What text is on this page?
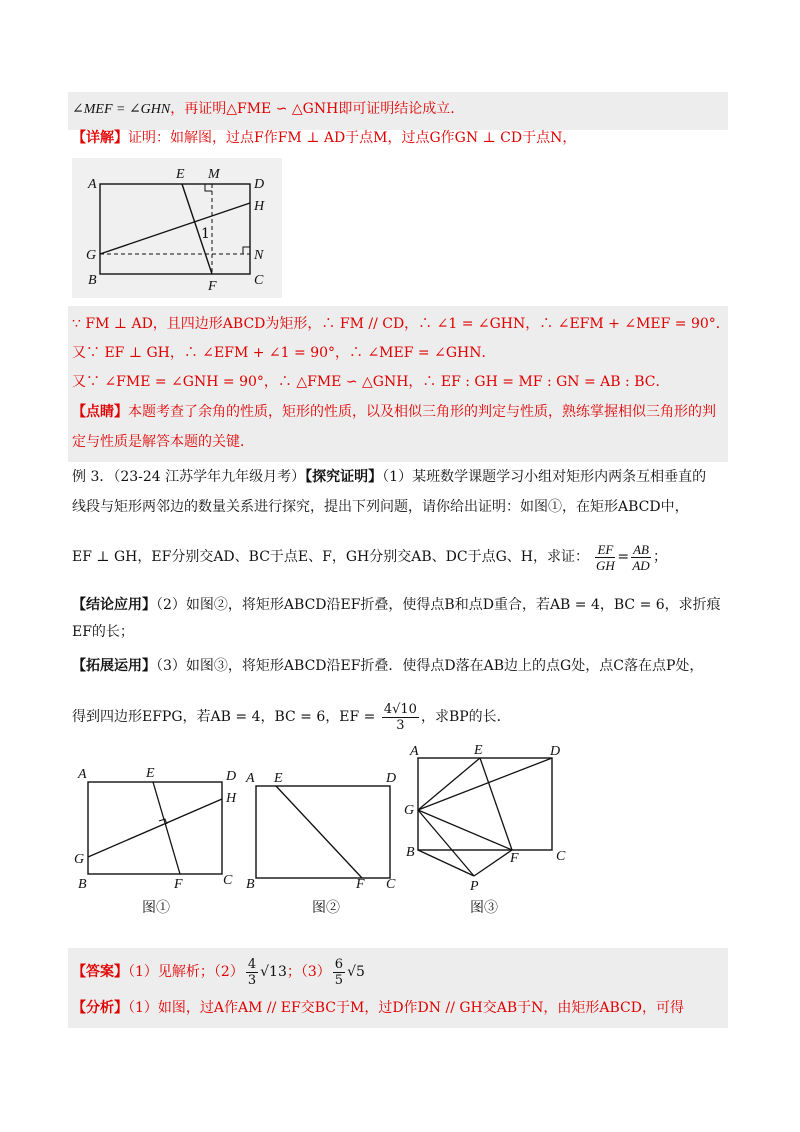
∠MEF = ∠GHN，再证明△FME ∽ △GNH即可证明结论成立.
【详解】证明：如解图，过点F作FM ⊥ AD于点M，过点G作GN ⊥ CD于点N，
A
E M
D
H
1
G	N
B	F	C
∵ FM ⊥ AD，且四边形ABCD为矩形，∴ FM // CD，∴ ∠1 = ∠GHN，∴ ∠EFM + ∠MEF = 90°．
又∵ EF ⊥ GH，∴ ∠EFM + ∠1 = 90°，∴ ∠MEF = ∠GHN．
又∵ ∠FME = ∠GNH = 90°，∴ △FME ∽ △GNH，∴ EF : GH = MF : GN = AB : BC．
【点睛】本题考查了余角的性质，矩形的性质，以及相似三角形的判定与性质，熟练掌握相似三角形的判
定与性质是解答本题的关键．
例 3．（23-24 江苏学年九年级月考）【探究证明】（1）某班数学课题学习小组对矩形内两条互相垂直的
线段与矩形两邻边的数量关系进行探究，提出下列问题，请你给出证明：如图①，在矩形ABCD中，
EF ⊥ GH，EF分别交AD、BC于点E、F，GH分别交AB、DC于点G、H，求证： $\frac{EF}{GH} = \frac{AB}{AD}$ ；
【结论应用】（2）如图②，将矩形ABCD沿EF折叠，使得点B和点D重合，若AB = 4，BC = 6，求折痕
EF的长；
【拓展运用】（3）如图③，将矩形ABCD沿EF折叠．使得点D落在AB边上的点G处，点C落在点P处，
得到四边形EFPG，若AB = 4，BC = 6，EF = $\frac{4√10}{3}$ ，求BP的长．
A	E	D
H
G
B	F	C
图①
A E	D
B	F C
图②
A	E	D
G
B	F	C
P
图③
【答案】（1）见解析；$(2) \frac{4}{3} √13$；$(3) \frac{6}{5} √5$
【分析】（1）如图，过A作AM // EF交BC于M，过D作DN // GH交AB于N，由矩形ABCD，可得
